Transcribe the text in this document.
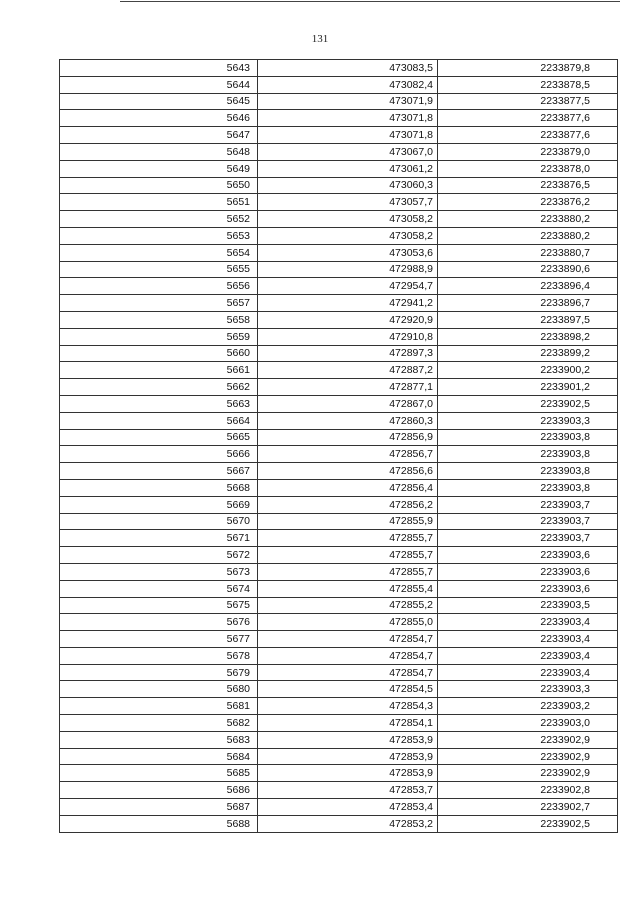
131
5643	473083,5	2233879,8
5644	473082,4	2233878,5
5645	473071,9	2233877,5
5646	473071,8	2233877,6
5647	473071,8	2233877,6
5648	473067,0	2233879,0
5649	473061,2	2233878,0
5650	473060,3	2233876,5
5651	473057,7	2233876,2
5652	473058,2	2233880,2
5653	473058,2	2233880,2
5654	473053,6	2233880,7
5655	472988,9	2233890,6
5656	472954,7	2233896,4
5657	472941,2	2233896,7
5658	472920,9	2233897,5
5659	472910,8	2233898,2
5660	472897,3	2233899,2
5661	472887,2	2233900,2
5662	472877,1	2233901,2
5663	472867,0	2233902,5
5664	472860,3	2233903,3
5665	472856,9	2233903,8
5666	472856,7	2233903,8
5667	472856,6	2233903,8
5668	472856,4	2233903,8
5669	472856,2	2233903,7
5670	472855,9	2233903,7
5671	472855,7	2233903,7
5672	472855,7	2233903,6
5673	472855,7	2233903,6
5674	472855,4	2233903,6
5675	472855,2	2233903,5
5676	472855,0	2233903,4
5677	472854,7	2233903,4
5678	472854,7	2233903,4
5679	472854,7	2233903,4
5680	472854,5	2233903,3
5681	472854,3	2233903,2
5682	472854,1	2233903,0
5683	472853,9	2233902,9
5684	472853,9	2233902,9
5685	472853,9	2233902,9
5686	472853,7	2233902,8
5687	472853,4	2233902,7
5688	472853,2	2233902,5
